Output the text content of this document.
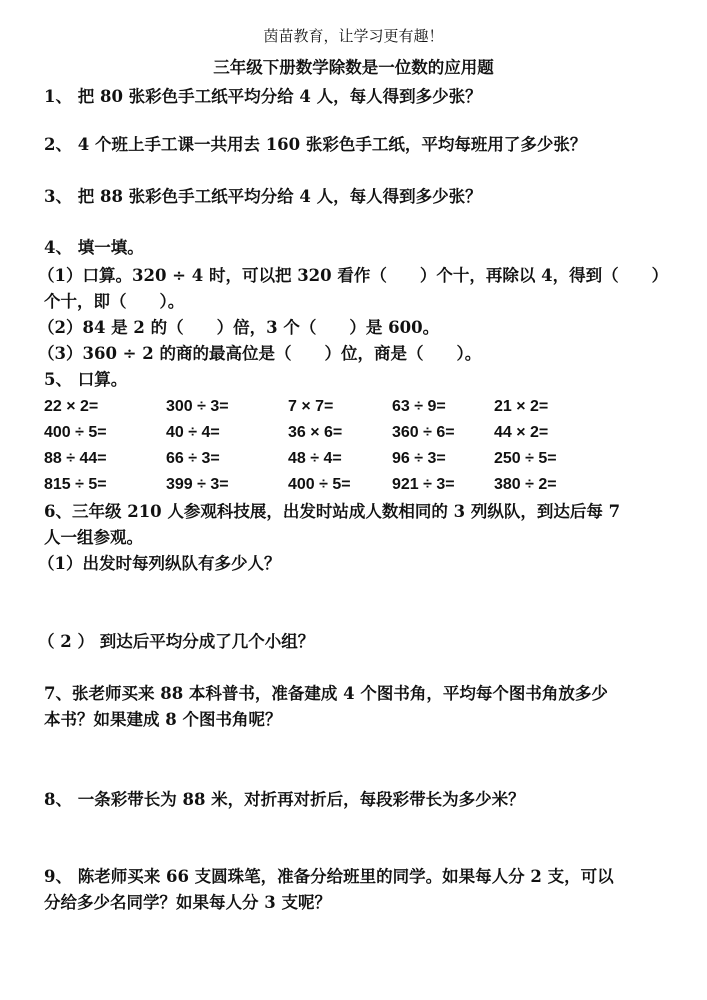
茵苗教育，让学习更有趣！
三年级下册数学除数是一位数的应用题
1、 把 80 张彩色手工纸平均分给 4 人，每人得到多少张？
2、 4 个班上手工课一共用去 160 张彩色手工纸，平均每班用了多少张？
3、 把 88 张彩色手工纸平均分给 4 人，每人得到多少张？
4、 填一填。
（1）口算。320 ÷ 4 时，可以把 320 看作（　　）个十，再除以 4，得到（　　）
个十，即（　　）。
（2）84 是 2 的（　　）倍，3 个（　　）是 600。
（3）360 ÷ 2 的商的最高位是（　　）位，商是（　　）。
5、 口算。
22 × 2=	300 ÷ 3=	7 × 7=	63 ÷ 9=	21 × 2=
400 ÷ 5=	40 ÷ 4=	36 × 6=	360 ÷ 6= 44 × 2=
88 ÷ 44=	66 ÷ 3=	48 ÷ 4=	96 ÷ 3=	250 ÷ 5=
815 ÷ 5=	399 ÷ 3=	400 ÷ 5=	921 ÷ 3= 380 ÷ 2=
6、三年级 210 人参观科技展，出发时站成人数相同的 3 列纵队，到达后每 7
人一组参观。
（1）出发时每列纵队有多少人？
（ 2 ） 到达后平均分成了几个小组？
7、张老师买来 88 本科普书，准备建成 4 个图书角，平均每个图书角放多少
本书？如果建成 8 个图书角呢？
8、 一条彩带长为 88 米，对折再对折后，每段彩带长为多少米？
9、 陈老师买来 66 支圆珠笔，准备分给班里的同学。如果每人分 2 支，可以
分给多少名同学？如果每人分 3 支呢？
